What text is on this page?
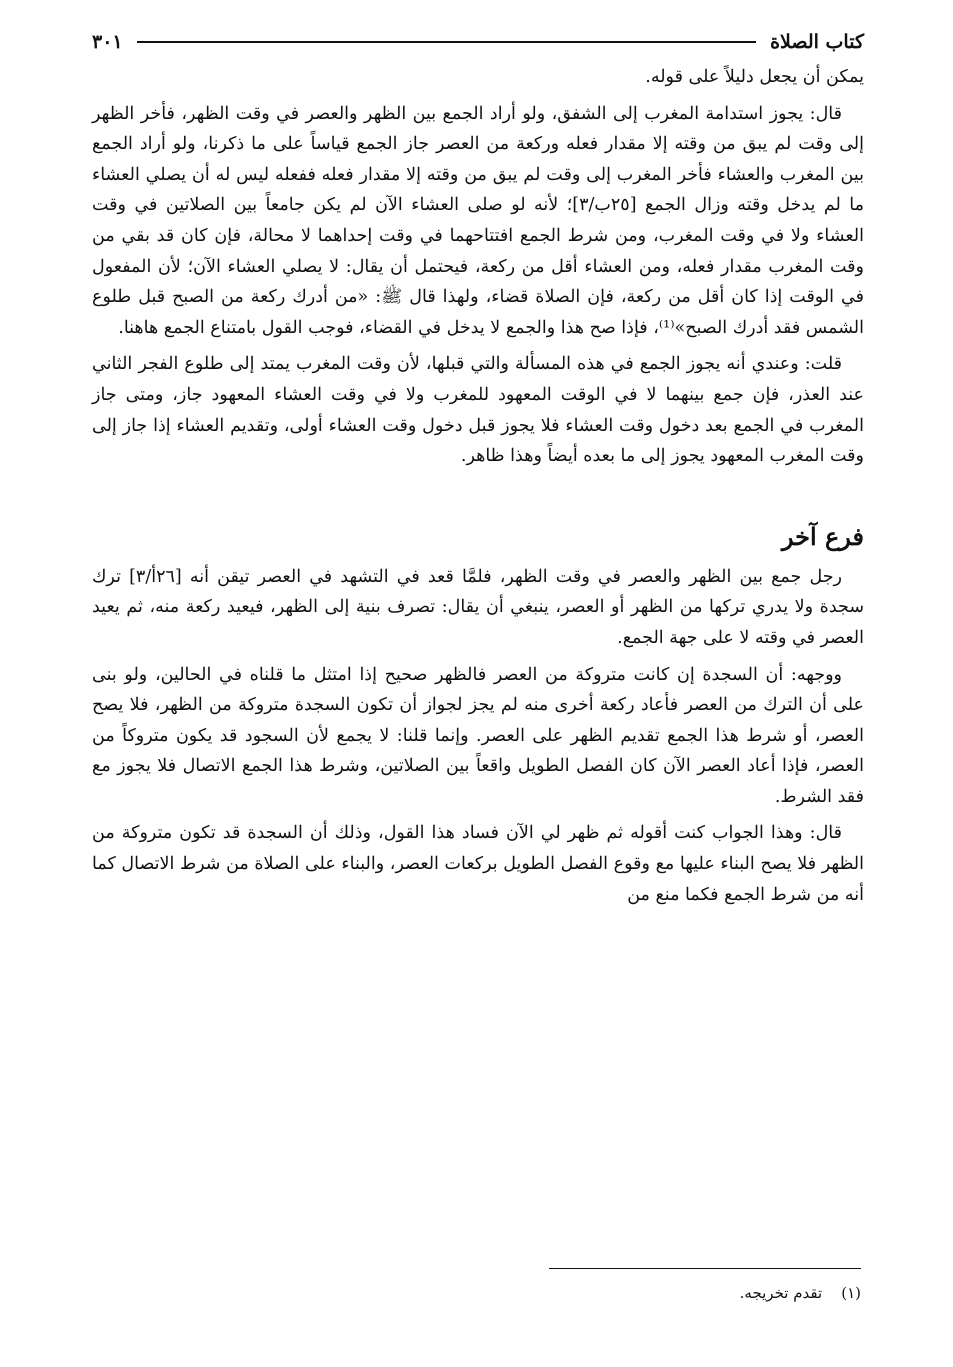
كتاب الصلاة
٣٠١

يمكن أن يجعل دليلاً على قوله.

قال: يجوز استدامة المغرب إلى الشفق، ولو أراد الجمع بين الظهر والعصر في وقت الظهر، فأخر الظهر إلى وقت لم يبق من وقته إلا مقدار فعله وركعة من العصر جاز الجمع قياساً على ما ذكرنا، ولو أراد الجمع بين المغرب والعشاء فأخر المغرب إلى وقت لم يبق من وقته إلا مقدار فعله ففعله ليس له أن يصلي العشاء ما لم يدخل وقته وزال الجمع [٢٥ب/٣]؛ لأنه لو صلى العشاء الآن لم يكن جامعاً بين الصلاتين في وقت العشاء ولا في وقت المغرب، ومن شرط الجمع افتتاحهما في وقت إحداهما لا محالة، فإن كان قد بقي من وقت المغرب مقدار فعله، ومن العشاء أقل من ركعة، فيحتمل أن يقال: لا يصلي العشاء الآن؛ لأن المفعول في الوقت إذا كان أقل من ركعة، فإن الصلاة قضاء، ولهذا قال ﷺ: «من أدرك ركعة من الصبح قبل طلوع الشمس فقد أدرك الصبح»⁽¹⁾، فإذا صح هذا والجمع لا يدخل في القضاء، فوجب القول بامتناع الجمع هاهنا.

قلت: وعندي أنه يجوز الجمع في هذه المسألة والتي قبلها، لأن وقت المغرب يمتد إلى طلوع الفجر الثاني عند العذر، فإن جمع بينهما لا في الوقت المعهود للمغرب ولا في وقت العشاء المعهود جاز، ومتى جاز المغرب في الجمع بعد دخول وقت العشاء فلا يجوز قبل دخول وقت العشاء أولى، وتقديم العشاء إذا جاز إلى وقت المغرب المعهود يجوز إلى ما بعده أيضاً وهذا ظاهر.

فرع آخر

رجل جمع بين الظهر والعصر في وقت الظهر، فلمَّا قعد في التشهد في العصر تيقن أنه [٢٦أ/٣] ترك سجدة ولا يدري تركها من الظهر أو العصر، ينبغي أن يقال: تصرف بنية إلى الظهر، فيعيد ركعة منه، ثم يعيد العصر في وقته لا على جهة الجمع.

ووجهه: أن السجدة إن كانت متروكة من العصر فالظهر صحيح إذا امتثل ما قلناه في الحالين، ولو بنى على أن الترك من العصر فأعاد ركعة أخرى منه لم يجز لجواز أن تكون السجدة متروكة من الظهر، فلا يصح العصر، أو شرط هذا الجمع تقديم الظهر على العصر. وإنما قلنا: لا يجمع لأن السجود قد يكون متروكاً من العصر، فإذا أعاد العصر الآن كان الفصل الطويل واقعاً بين الصلاتين، وشرط هذا الجمع الاتصال فلا يجوز مع فقد الشرط.

قال: وهذا الجواب كنت أقوله ثم ظهر لي الآن فساد هذا القول، وذلك أن السجدة قد تكون متروكة من الظهر فلا يصح البناء عليها مع وقوع الفصل الطويل بركعات العصر، والبناء على الصلاة من شرط الاتصال كما أنه من شرط الجمع فكما منع من

(١)    تقدم تخريجه.
